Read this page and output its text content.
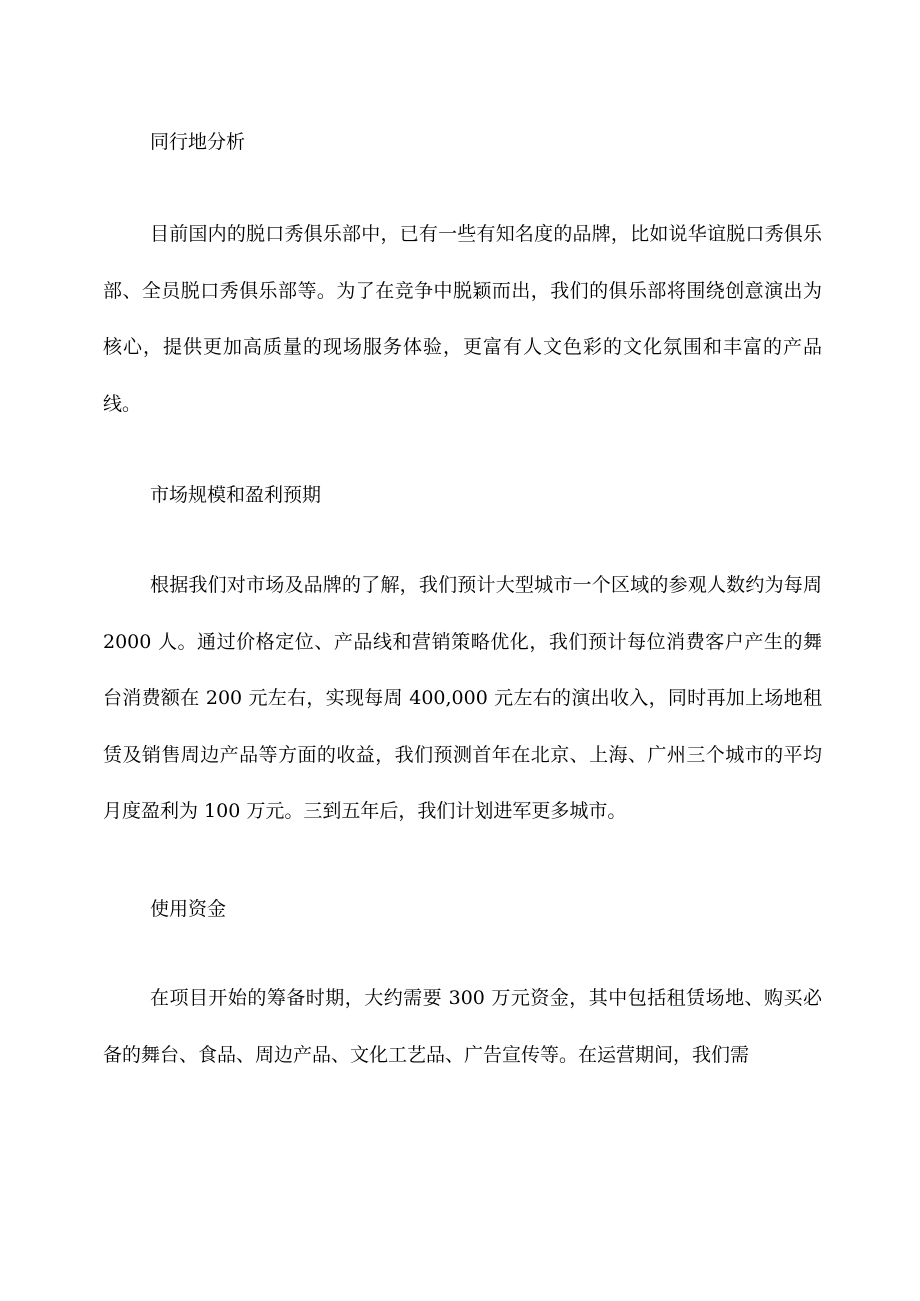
同行地分析

目前国内的脱口秀俱乐部中，已有一些有知名度的品牌，比如说华谊脱口秀俱乐部、全员脱口秀俱乐部等。为了在竞争中脱颖而出，我们的俱乐部将围绕创意演出为核心，提供更加高质量的现场服务体验，更富有人文色彩的文化氛围和丰富的产品线。

市场规模和盈利预期

根据我们对市场及品牌的了解，我们预计大型城市一个区域的参观人数约为每周 2000 人。通过价格定位、产品线和营销策略优化，我们预计每位消费客户产生的舞台消费额在 200 元左右，实现每周 400,000 元左右的演出收入，同时再加上场地租赁及销售周边产品等方面的收益，我们预测首年在北京、上海、广州三个城市的平均月度盈利为 100 万元。三到五年后，我们计划进军更多城市。

使用资金

在项目开始的筹备时期，大约需要 300 万元资金，其中包括租赁场地、购买必备的舞台、食品、周边产品、文化工艺品、广告宣传等。在运营期间，我们需
